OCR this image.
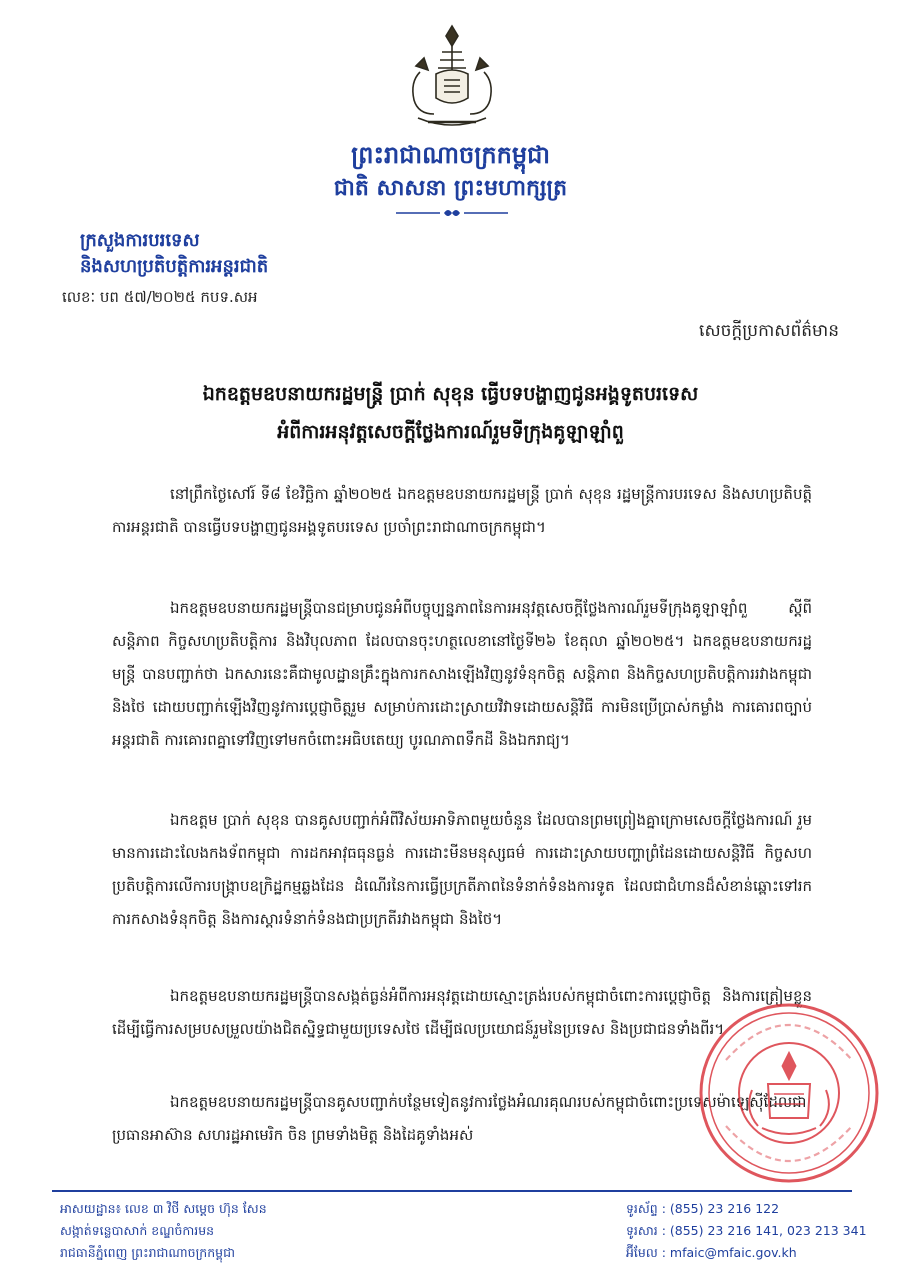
ព្រះរាជាណាចក្រកម្ពុជា
ជាតិ សាសនា ព្រះមហាក្សត្រ
ក្រសួងការបរទេស
និងសហប្រតិបត្តិការអន្តរជាតិ
លេខៈ បព ៥៧/២០២៥ កបទ.សអ
សេចក្តីប្រកាសព័ត៌មាន
ឯកឧត្តមឧបនាយករដ្ឋមន្ត្រី ប្រាក់ សុខុន ធ្វើបទបង្ហាញជូនអង្គទូតបរទេស
អំពីការអនុវត្តសេចក្តីថ្លែងការណ៍រួមទីក្រុងគូឡាឡាំពួ

នៅព្រឹកថ្ងៃសៅរ៍ ទី៨ ខែវិច្ឆិកា ឆ្នាំ២០២៥ ឯកឧត្តមឧបនាយករដ្ឋមន្ត្រី ប្រាក់ សុខុន រដ្ឋមន្ត្រីការបរទេស និងសហប្រតិបត្តិការអន្តរជាតិ បានធ្វើបទបង្ហាញជូនអង្គទូតបរទេស ប្រចាំព្រះរាជាណាចក្រកម្ពុជា។

ឯកឧត្តមឧបនាយករដ្ឋមន្ត្រីបានជម្រាបជូនអំពីបច្ចុប្បន្នភាពនៃការអនុវត្តសេចក្តីថ្លែងការណ៍រួមទីក្រុងគូឡាឡាំពួ ស្តីពីសន្តិភាព កិច្ចសហប្រតិបត្តិការ និងវិបុលភាព ដែលបានចុះហត្ថលេខានៅថ្ងៃទី២៦ ខែតុលា ឆ្នាំ២០២៥។ ឯកឧត្តមឧបនាយករដ្ឋមន្ត្រី បានបញ្ជាក់ថា ឯកសារនេះគឺជាមូលដ្ឋានគ្រឹះក្នុងការកសាងឡើងវិញនូវទំនុកចិត្ត សន្តិភាព និងកិច្ចសហប្រតិបត្តិការរវាងកម្ពុជា និងថៃ ដោយបញ្ជាក់ឡើងវិញនូវការប្តេជ្ញាចិត្តរួម សម្រាប់ការដោះស្រាយវិវាទដោយសន្តិវិធី ការមិនប្រើប្រាស់កម្លាំង ការគោរពច្បាប់អន្តរជាតិ ការគោរពគ្នាទៅវិញទៅមកចំពោះអធិបតេយ្យ បូរណភាពទឹកដី និងឯករាជ្យ។

ឯកឧត្តម ប្រាក់ សុខុន បានគូសបញ្ជាក់អំពីវិស័យអាទិភាពមួយចំនួន ដែលបានព្រមព្រៀងគ្នាក្រោមសេចក្តីថ្លែងការណ៍ រួមមានការដោះលែងកងទ័ពកម្ពុជា ការដកអាវុធធុនធ្ងន់ ការដោះមីនមនុស្សធម៌ ការដោះស្រាយបញ្ហាព្រំដែនដោយសន្តិវិធី កិច្ចសហប្រតិបត្តិការលើការបង្ក្រាបឧក្រិដ្ឋកម្មឆ្លងដែន ដំណើរនៃការធ្វើប្រក្រតីភាពនៃទំនាក់ទំនងការទូត ដែលជាជំហានដ៏សំខាន់ឆ្ពោះទៅរកការកសាងទំនុកចិត្ត និងការស្តារទំនាក់ទំនងជាប្រក្រតីរវាងកម្ពុជា និងថៃ។

ឯកឧត្តមឧបនាយករដ្ឋមន្ត្រីបានសង្កត់ធ្ងន់អំពីការអនុវត្តដោយស្មោះត្រង់របស់កម្ពុជាចំពោះការប្តេជ្ញាចិត្ត និងការត្រៀមខ្លួនដើម្បីធ្វើការសម្របសម្រួលយ៉ាងជិតស្និទ្ធជាមួយប្រទេសថៃ ដើម្បីផលប្រយោជន៍រួមនៃប្រទេស និងប្រជាជនទាំងពីរ។

ឯកឧត្តមឧបនាយករដ្ឋមន្ត្រីបានគូសបញ្ជាក់បន្ថែមទៀតនូវការថ្លែងអំណរគុណរបស់កម្ពុជាចំពោះប្រទេសម៉ាឡេស៊ីដែលជាប្រធានអាស៊ាន សហរដ្ឋអាមេរិក ចិន ព្រមទាំងមិត្ត និងដៃគូទាំងអស់

អាសយដ្ឋាន៖ លេខ ៣ វិថី សម្តេច ហ៊ុន សែន
សង្កាត់ទន្លេបាសាក់ ខណ្ឌចំការមន
រាជធានីភ្នំពេញ ព្រះរាជាណាចក្រកម្ពុជា
ទូរស័ព្ទ : (855) 23 216 122
ទូរសារ : (855) 23 216 141, 023 213 341
អ៊ីមែល : mfaic@mfaic.gov.kh
